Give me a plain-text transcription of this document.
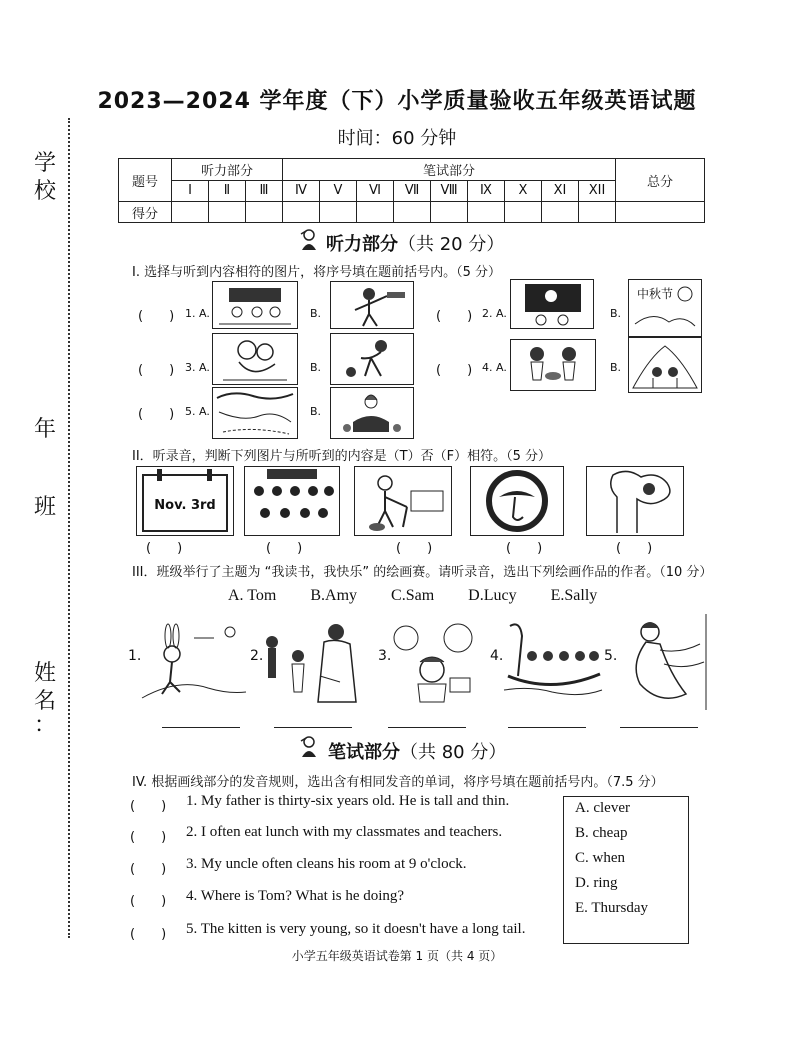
2023—2024 学年度（下）小学质量验收五年级英语试题
时间：60 分钟
学
校
年
班
姓
名
：
题号	听力部分			笔试部分									总分
	I	Ⅱ	Ⅲ	Ⅳ	V	Ⅵ	Ⅶ	Ⅷ	Ⅸ	X	XI	XII	
得分													
听力部分（共 20 分）
I. 选择与听到内容相符的图片，将序号填在题前括号内。（5 分）
(　　) 1. A.	B.	(　　) 2. A.	B.
中秋节
(　　) 3. A.	B.	(　　) 4. A.	B.
(　　) 5. A.	B.
II．听录音，判断下列图片与所听到的内容是（T）否（F）相符。（5 分）
Nov. 3rd
(　　)	(　　)	(　　)	(　　)	(　　)
III．班级举行了主题为 “我读书，我快乐” 的绘画赛。请听录音，选出下列绘画作品的作者。（10 分）
A. Tom B.Amy C.Sam D.Lucy E.Sally
1.	2.	3.	4.	5.
笔试部分（共 80 分）
IV. 根据画线部分的发音规则，选出含有相同发音的单词，将序号填在题前括号内。（7.5 分）
(　　) 1. My father is thirty-six years old. He is tall and thin.
(　　) 2. I often eat lunch with my classmates and teachers.
(　　) 3. My uncle often cleans his room at 9 o'clock.
(　　) 4. Where is Tom? What is he doing?
(　　) 5. The kitten is very young, so it doesn't have a long tail.
A. clever
B. cheap
C. when
D. ring
E. Thursday
小学五年级英语试卷第 1 页（共 4 页）
